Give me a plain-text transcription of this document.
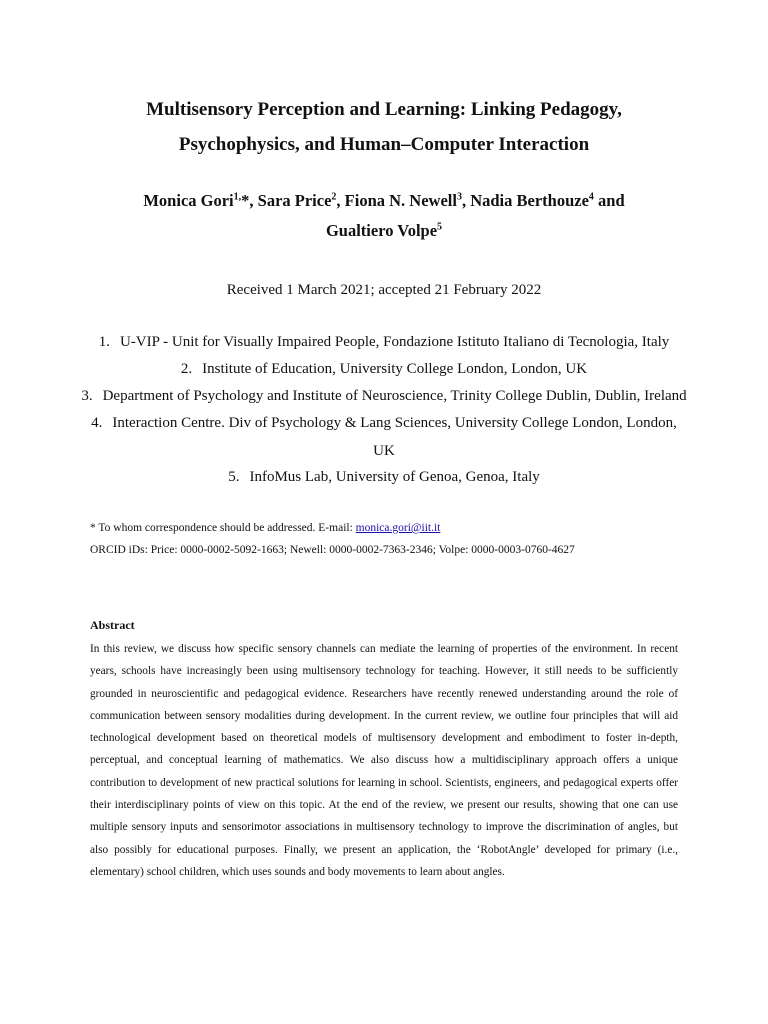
Multisensory Perception and Learning: Linking Pedagogy,
Psychophysics, and Human–Computer Interaction
Monica Gori$^{1,}$*, Sara Price$^2$, Fiona N. Newell$^3$, Nadia Berthouze$^4$ and
Gualtiero Volpe$^5$
Received 1 March 2021; accepted 21 February 2022
1. U-VIP - Unit for Visually Impaired People, Fondazione Istituto Italiano di Tecnologia, Italy
2. Institute of Education, University College London, London, UK
3. Department of Psychology and Institute of Neuroscience, Trinity College Dublin, Dublin, Ireland
4. Interaction Centre. Div of Psychology & Lang Sciences, University College London, London,
UK
5. InfoMus Lab, University of Genoa, Genoa, Italy
* To whom correspondence should be addressed. E-mail: monica.gori@iit.it
ORCID iDs: Price: 0000-0002-5092-1663; Newell: 0000-0002-7363-2346; Volpe: 0000-0003-0760-4627
Abstract

In this review, we discuss how specific sensory channels can mediate the learning of properties of the environment. In recent years, schools have increasingly been using multisensory technology for teaching. However, it still needs to be sufficiently grounded in neuroscientific and pedagogical evidence. Researchers have recently renewed understanding around the role of communication between sensory modalities during development. In the current review, we outline four principles that will aid technological development based on theoretical models of multisensory development and embodiment to foster in-depth, perceptual, and conceptual learning of mathematics. We also discuss how a multidisciplinary approach offers a unique contribution to development of new practical solutions for learning in school. Scientists, engineers, and pedagogical experts offer their interdisciplinary points of view on this topic. At the end of the review, we present our results, showing that one can use multiple sensory inputs and sensorimotor associations in multisensory technology to improve the discrimination of angles, but also possibly for educational purposes. Finally, we present an application, the ‘RobotAngle’ developed for primary (i.e., elementary) school children, which uses sounds and body movements to learn about angles.
